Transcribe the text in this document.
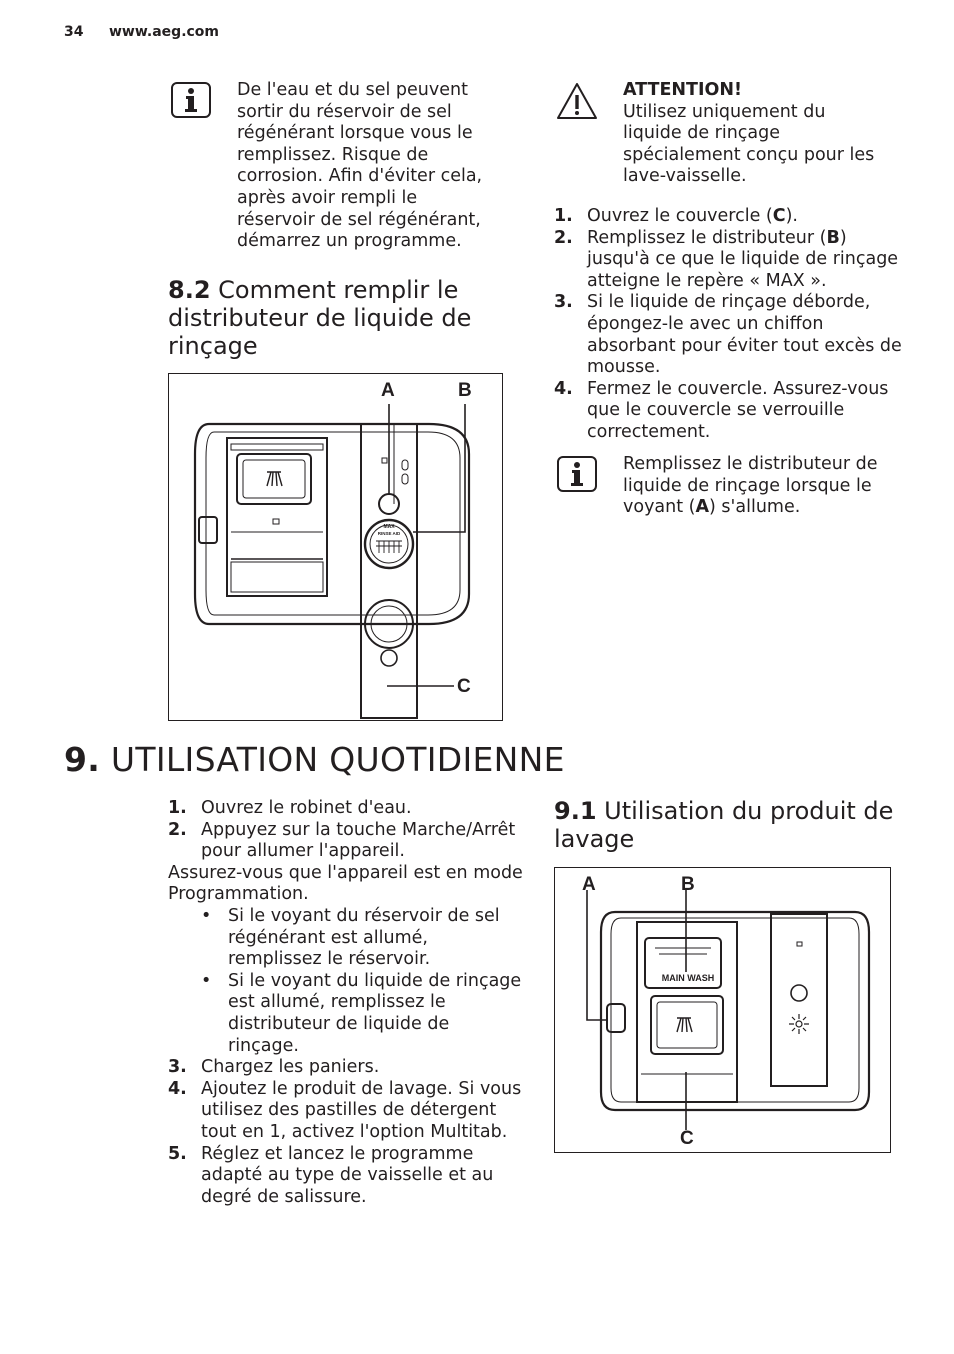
34 www.aeg.com
De l'eau et du sel peuvent
sortir du réservoir de sel
régénérant lorsque vous le
remplissez. Risque de
corrosion. Afin d'éviter cela,
après avoir rempli le
réservoir de sel régénérant,
démarrez un programme.
8.2 Comment remplir le
distributeur de liquide de
rinçage
MAX
RINSE AID
A	B
C
ATTENTION!
Utilisez uniquement du
liquide de rinçage
spécialement conçu pour les
lave-vaisselle.
1. Ouvrez le couvercle (C).
2. Remplissez le distributeur (B) jusqu'à ce que le liquide de rinçage atteigne le repère « MAX ».
3. Si le liquide de rinçage déborde, épongez-le avec un chiffon absorbant pour éviter tout excès de mousse.
4. Fermez le couvercle. Assurez-vous que le couvercle se verrouille correctement.
Remplissez le distributeur de liquide de rinçage lorsque le voyant (A) s'allume.
9. UTILISATION QUOTIDIENNE
1. Ouvrez le robinet d'eau.
2. Appuyez sur la touche Marche/Arrêt pour allumer l'appareil.
Assurez-vous que l'appareil est en mode Programmation.
• Si le voyant du réservoir de sel régénérant est allumé, remplissez le réservoir.
• Si le voyant du liquide de rinçage est allumé, remplissez le distributeur de liquide de rinçage.
3. Chargez les paniers.
4. Ajoutez le produit de lavage. Si vous utilisez des pastilles de détergent tout en 1, activez l'option Multitab.
5. Réglez et lancez le programme adapté au type de vaisselle et au degré de salissure.
9.1 Utilisation du produit de
lavage
MAIN WASH
A	B
C
